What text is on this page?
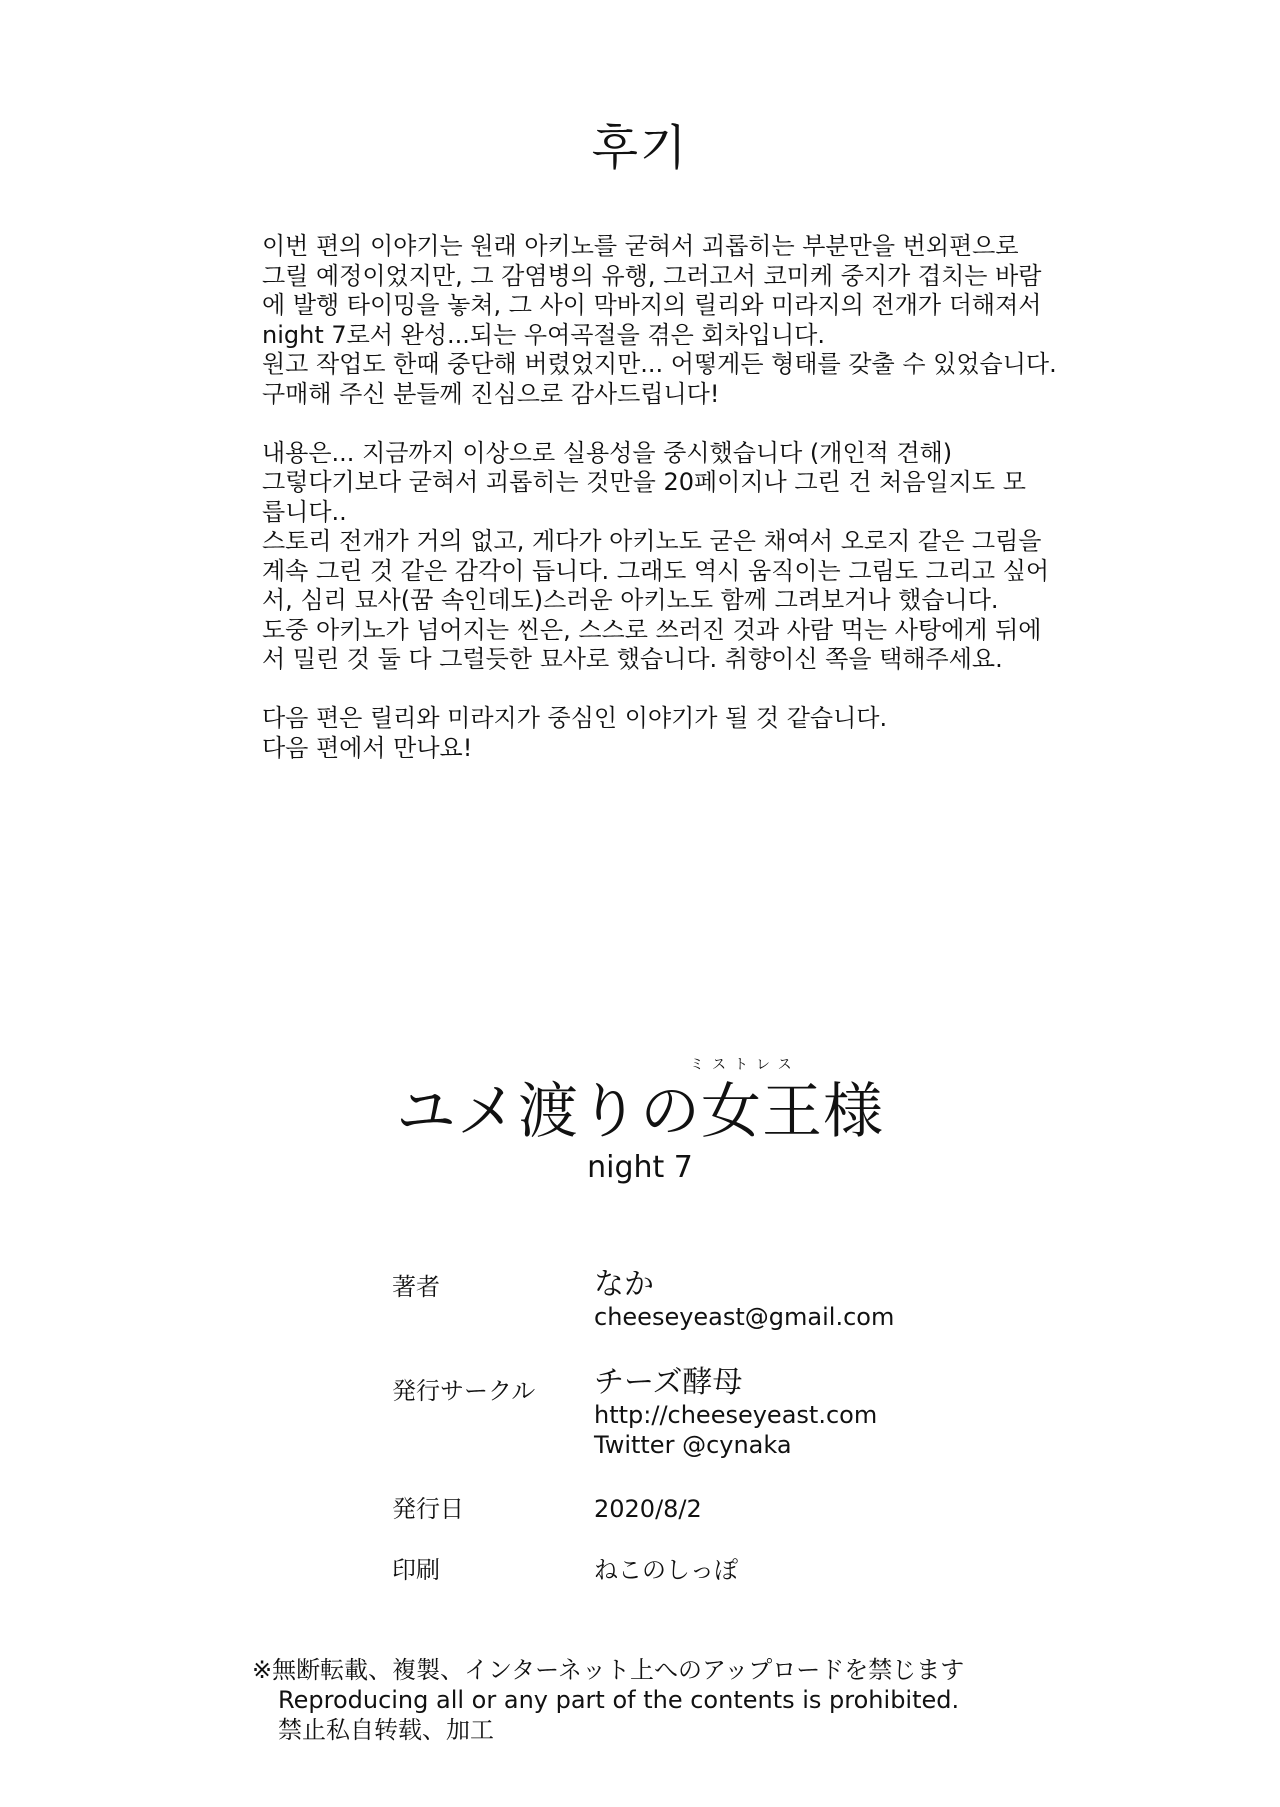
후기
이번 편의 이야기는 원래 아키노를 굳혀서 괴롭히는 부분만을 번외편으로
그릴 예정이었지만, 그 감염병의 유행, 그러고서 코미케 중지가 겹치는 바람
에 발행 타이밍을 놓쳐, 그 사이 막바지의 릴리와 미라지의 전개가 더해져서
night 7로서 완성...되는 우여곡절을 겪은 회차입니다.
원고 작업도 한때 중단해 버렸었지만... 어떻게든 형태를 갖출 수 있었습니다.
구매해 주신 분들께 진심으로 감사드립니다!
내용은... 지금까지 이상으로 실용성을 중시했습니다 (개인적 견해)
그렇다기보다 굳혀서 괴롭히는 것만을 20페이지나 그린 건 처음일지도 모
릅니다..
스토리 전개가 거의 없고, 게다가 아키노도 굳은 채여서 오로지 같은 그림을
계속 그린 것 같은 감각이 듭니다. 그래도 역시 움직이는 그림도 그리고 싶어
서, 심리 묘사(꿈 속인데도)스러운 아키노도 함께 그려보거나 했습니다.
도중 아키노가 넘어지는 씬은, 스스로 쓰러진 것과 사람 먹는 사탕에게 뒤에
서 밀린 것 둘 다 그럴듯한 묘사로 했습니다. 취향이신 쪽을 택해주세요.
다음 편은 릴리와 미라지가 중심인 이야기가 될 것 같습니다.
다음 편에서 만나요!
ミストレス
ユメ渡りの女王様
night 7
著者	なか
cheeseyeast@gmail.com
発行サークル チーズ酵母
http://cheeseyeast.com
Twitter @cynaka
発行日	2020/8/2
印刷	ねこのしっぽ
※無断転載、複製、インターネット上へのアップロードを禁じます
Reproducing all or any part of the contents is prohibited.
禁止私自转载、加工
